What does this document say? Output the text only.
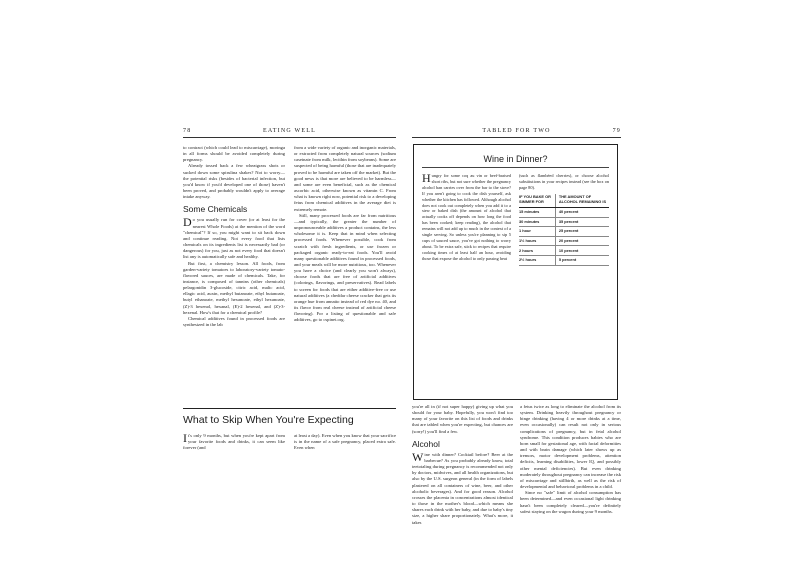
78	EATING WELL

to contract (which could lead to miscarriage), moringa in all forms should be avoided completely during pregnancy.

Already tossed back a few wheatgrass shots or sucked down some spirulina shakes? Not to worry—the potential risks (besides of bacterial infection, but you'd know if you'd developed one of those) haven't been proved, and probably wouldn't apply to average intake anyway.

Some Chemicals

Do you usually run for cover (or at least for the nearest Whole Foods) at the mention of the word "chemical"? If so, you might want to sit back down and continue reading. Not every food that lists chemicals on its ingredients list is necessarily bad (or dangerous) for you, just as not every food that doesn't list any is automatically safe and healthy.

But first, a chemistry lesson. All foods, from garden-variety tomatoes to laboratory-variety tomato-flavored sauces, are made of chemicals. Take, for instance, is composed of tannins (other chemicals) pelargonidin 3-glucoside, citric acid, malic acid, ellagic acid, auxin, methyl butanoate, ethyl butanoate, butyl ethanoate, methyl hexanoate, ethyl hexanoate, (Z)-3 hexenol, hexanal, (E)-2 hexenal, and (Z)-3-hexenal. How's that for a chemical profile?

Chemical additives found in processed foods are synthesized in the lab

from a wide variety of organic and inorganic materials, or extracted from completely natural sources (sodium caseinate from milk, lecithin from soybeans). Some are suspected of being harmful (those that are inadequately proved to be harmful are taken off the market). But the good news is that more are believed to be harmless—and some are even beneficial, such as the chemical ascorbic acid, otherwise known as vitamin C. From what is known right now, potential risk to a developing fetus from chemical additives in the average diet is extremely remote.

Still, many processed foods are far from nutritious—and typically, the greater the number of unpronounceable additives a product contains, the less wholesome it is. Keep that in mind when selecting processed foods. Whenever possible, cook from scratch with fresh ingredients, or use frozen or packaged organic ready-to-eat foods. You'll avoid many questionable additives found in processed foods, and your meals will be more nutritious, too. Whenever you have a choice (and clearly you won't always), choose foods that are free of artificial additives (colorings, flavorings, and preservatives). Read labels to screen for foods that are either additive-free or use natural additives (a cheddar cheese cracker that gets its orange hue from annatto instead of red dye no. 40, and its flavor from real cheese instead of artificial cheese flavoring). For a listing of questionable and safe additives, go to cspinet.org.

What to Skip When You're Expecting

It's only 9 months, but when you're kept apart from your favorite foods and drinks, it can seem like forever (and

at least a day). Even when you know that your sacrifice is in the name of a safe pregnancy, placed extra safe. Even when

TABLED FOR TWO	79
Wine in Dinner?

Hungry for some coq au vin or beef-braised short ribs, but not sure whether the pregnancy alcohol ban carries over from the bar to the stove? If you aren't going to cook the dish yourself, ask whether the kitchen has followed. Although alcohol does not cook out completely when you add it to a stew or baked dish (the amount of alcohol that actually cooks off depends on how long the food has been cooked; keep reading), the alcohol that remains will not add up to much in the context of a single serving. So unless you're planning to sip 5 cups of sauced sauce, you've got nothing to worry about. To be extra safe, stick to recipes that require cooking times of at least half an hour, avoiding those that expose the alcohol to only passing heat

(such as flambéed cherries), or choose alcohol substitutions in your recipes instead (see the box on page 80).

IF YOU BAKE OR SIMMER FOR	THE AMOUNT OF ALCOHOL REMAINING IS
15 minutes	40 percent
30 minutes	35 percent
1 hour	25 percent
1½ hours	20 percent
2 hours	10 percent
2½ hours	5 percent

you're all in (if not super happy) giving up what you should for your baby. Hopefully, you won't find too many of your favorite on this list of foods and drinks that are tabled when you're expecting, but chances are (sorry!) you'll find a few.

Alcohol

Wine with dinner? Cocktail before? Beer at the barbecue? As you probably already know, total teetotaling during pregnancy is recommended not only by doctors, midwives, and all health organizations, but also by the U.S. surgeon general (in the form of labels plastered on all containers of wine, beer, and other alcoholic beverages). And for good reason. Alcohol crosses the placenta in concentrations almost identical to those in the mother's blood—which means she shares each drink with her baby, and due to baby's tiny size, a higher share proportionately. What's more, it takes

a fetus twice as long to eliminate the alcohol from its system. Drinking heavily throughout pregnancy or binge drinking (having 4 or more drinks at a time, even occasionally) can result not only in serious complications of pregnancy, but in fetal alcohol syndrome. This condition produces babies who are born small for gestational age, with facial deformities and with brain damage (which later shows up as tremors, motor development problems, attention deficits, learning disabilities, lower IQ, and possibly other mental deficiencies). But even drinking moderately throughout pregnancy can increase the risk of miscarriage and stillbirth, as well as the risk of developmental and behavioral problems in a child.

Since no "safe" limit of alcohol consumption has been determined—and even occasional light drinking hasn't been completely cleared—you're definitely safest staying on the wagon during your 9 months.
